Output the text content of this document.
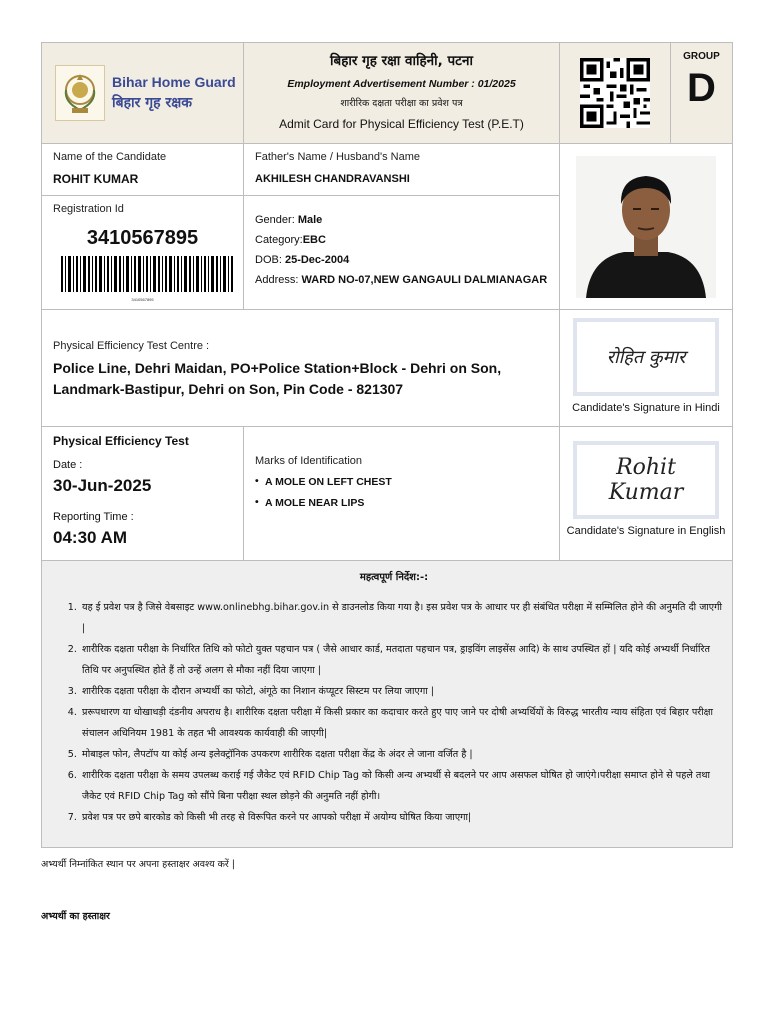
Bihar Home Guard
बिहार गृह रक्षक
बिहार गृह रक्षा वाहिनी, पटना
Employment Advertisement Number : 01/2025
शारीरिक दक्षता परीक्षा का प्रवेश पत्र
Admit Card for Physical Efficiency Test (P.E.T)
GROUP
D
Name of the Candidate
ROHIT KUMAR
Father's Name / Husband's Name
AKHILESH CHANDRAVANSHI
Registration Id
3410567895
3410567895
Gender: Male
Category:EBC
DOB: 25-Dec-2004
Address: WARD NO-07,NEW GANGAULI DALMIANAGAR
Physical Efficiency Test Centre :
Police Line, Dehri Maidan, PO+Police Station+Block - Dehri on Son, Landmark-Bastipur, Dehri on Son, Pin Code - 821307
रोहित कुमार
Candidate's Signature in Hindi
Physical Efficiency Test
Date :
30-Jun-2025
Reporting Time :
04:30 AM
Marks of Identification
• A MOLE ON LEFT CHEST
• A MOLE NEAR LIPS
Rohit Kumar
Candidate's Signature in English
महत्वपूर्ण निर्देश:-:
1. यह ई प्रवेश पत्र है जिसे वेबसाइट www.onlinebhg.bihar.gov.in से डाउनलोड किया गया है। इस प्रवेश पत्र के आधार पर ही संबंधित परीक्षा में सम्मिलित होने की अनुमति दी जाएगी |
2. शारीरिक दक्षता परीक्षा के निर्धारित तिथि को फोटो युक्त पहचान पत्र ( जैसे आधार कार्ड, मतदाता पहचान पत्र, ड्राइविंग लाइसेंस आदि) के साथ उपस्थित हों | यदि कोई अभ्यर्थी निर्धारित तिथि पर अनुपस्थित होते हैं तो उन्हें अलग से मौका नहीं दिया जाएगा |
3. शारीरिक दक्षता परीक्षा के दौरान अभ्यर्थी का फोटो, अंगूठे का निशान कंप्यूटर सिस्टम पर लिया जाएगा |
4. प्ररूपधारण या धोखाधड़ी दंडनीय अपराध है। शारीरिक दक्षता परीक्षा में किसी प्रकार का कदाचार करते हुए पाए जाने पर दोषी अभ्यर्थियों के विरुद्ध भारतीय न्याय संहिता एवं बिहार परीक्षा संचालन अधिनियम 1981 के तहत भी आवश्यक कार्यवाही की जाएगी|
5. मोबाइल फोन, लैपटॉप या कोई अन्य इलेक्ट्रॉनिक उपकरण शारीरिक दक्षता परीक्षा केंद्र के अंदर ले जाना वर्जित है |
6. शारीरिक दक्षता परीक्षा के समय उपलब्ध कराई गई जैकेट एवं RFID Chip Tag को किसी अन्य अभ्यर्थी से बदलने पर आप असफल घोषित हो जाएंगे।परीक्षा समाप्त होने से पहले तथा जैकेट एवं RFID Chip Tag को सौंपे बिना परीक्षा स्थल छोड़ने की अनुमति नहीं होगी।
7. प्रवेश पत्र पर छपे बारकोड को किसी भी तरह से विरूपित करने पर आपको परीक्षा में अयोग्य घोषित किया जाएगा|
अभ्यर्थी निम्नांकित स्थान पर अपना हस्ताक्षर अवश्य करें |
अभ्यर्थी का हस्ताक्षर
